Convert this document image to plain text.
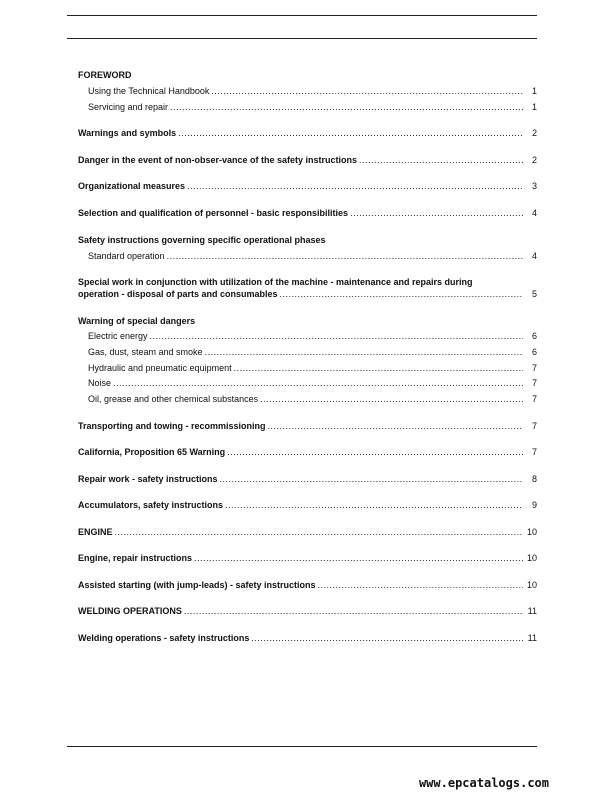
FOREWORD
Using the Technical Handbook .....	1
Servicing and repair .....	1
Warnings and symbols .....	2
Danger in the event of non-obser-vance of the safety instructions .....	2
Organizational measures .....	3
Selection and qualification of personnel - basic responsibilities .....	4
Safety instructions governing specific operational phases
Standard operation .....	4
Special work in conjunction with utilization of the machine - maintenance and repairs during
operation - disposal of parts and consumables .....	5
Warning of special dangers
Electric energy .....	6
Gas, dust, steam and smoke .....	6
Hydraulic and pneumatic equipment .....	7
Noise .....	7
Oil, grease and other chemical substances .....	7
Transporting and towing - recommissioning .....	7
California, Proposition 65 Warning .....	7
Repair work - safety instructions .....	8
Accumulators, safety instructions .....	9
ENGINE .....	10
Engine, repair instructions .....	10
Assisted starting (with jump-leads) - safety instructions .....	10
WELDING OPERATIONS .....	11
Welding operations - safety instructions .....	11
www.epcatalogs.com
